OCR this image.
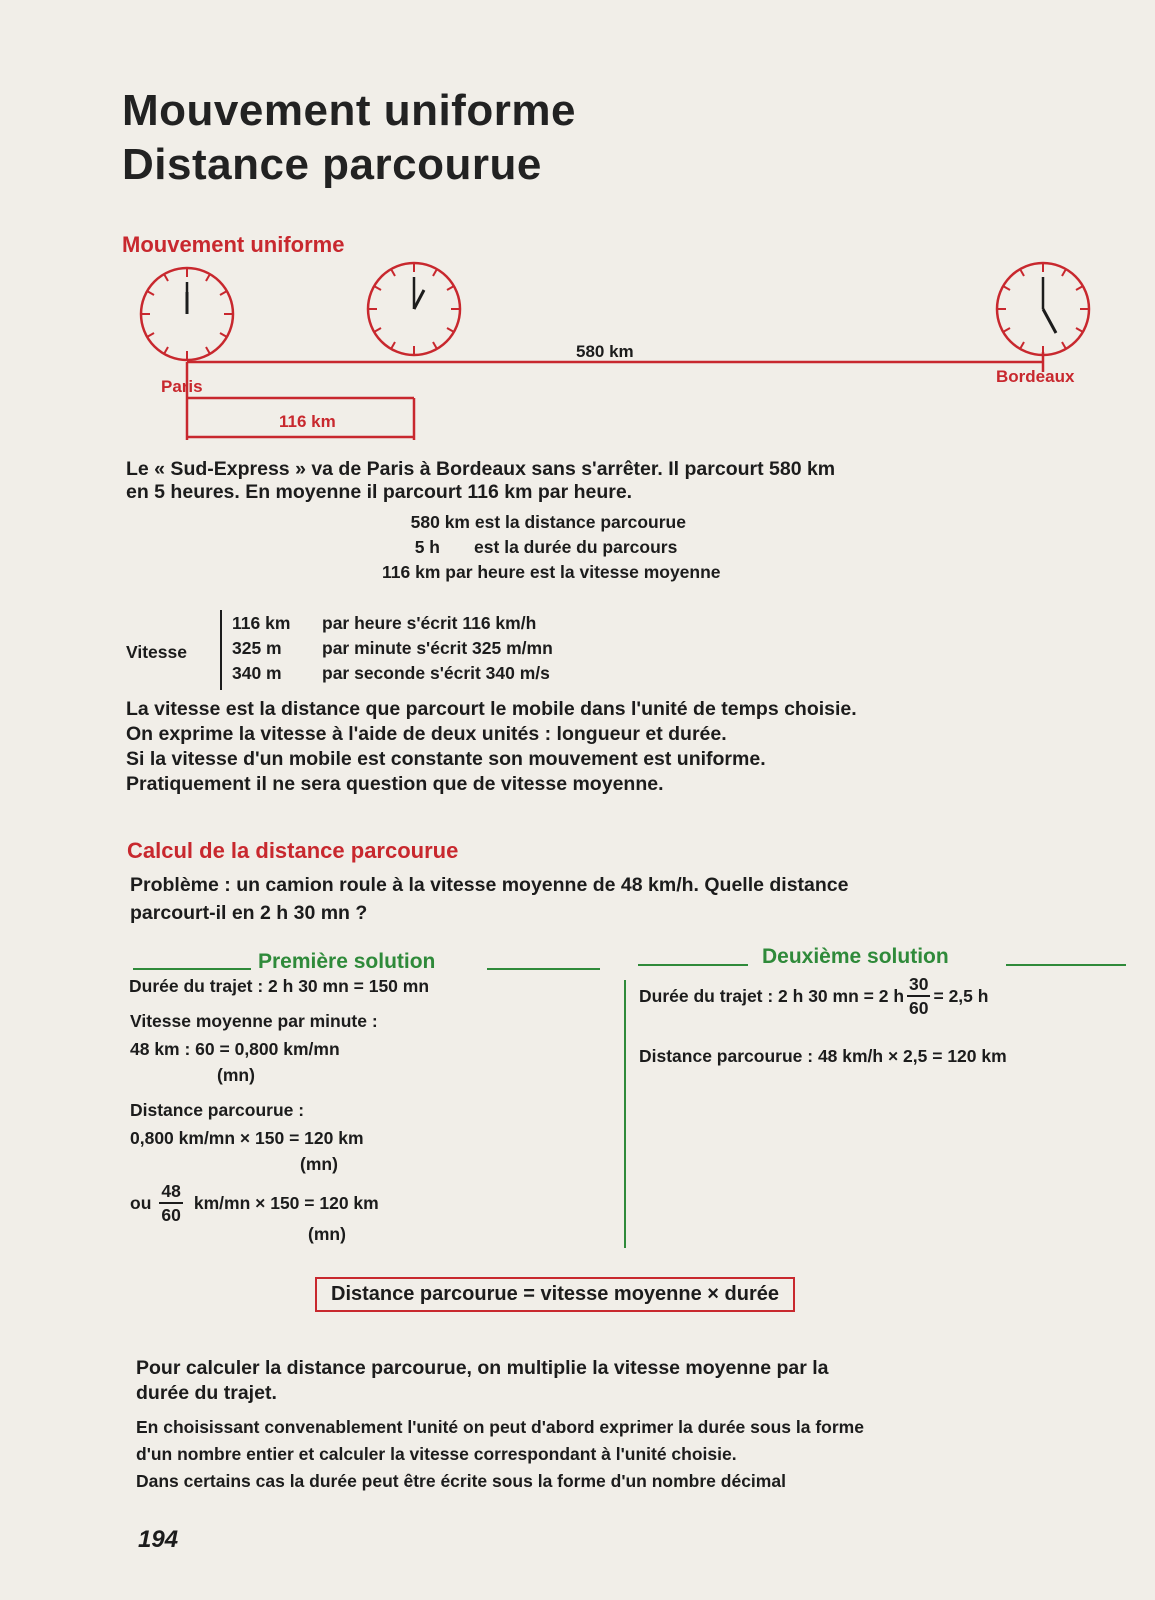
Mouvement uniforme
Distance parcourue
Mouvement uniforme
580 km
Paris
Bordeaux
116 km
Le « Sud-Express » va de Paris à Bordeaux sans s'arrêter. Il parcourt 580 km
en 5 heures. En moyenne il parcourt 116 km par heure.
580 km est la distance parcourue
5 h est la durée du parcours
116 km par heure est la vitesse moyenne
Vitesse
116 km par heure s'écrit 116 km/h
325 m par minute s'écrit 325 m/mn
340 m par seconde s'écrit 340 m/s
La vitesse est la distance que parcourt le mobile dans l'unité de temps choisie.
On exprime la vitesse à l'aide de deux unités : longueur et durée.
Si la vitesse d'un mobile est constante son mouvement est uniforme.
Pratiquement il ne sera question que de vitesse moyenne.
Calcul de la distance parcourue
Problème : un camion roule à la vitesse moyenne de 48 km/h. Quelle distance
parcourt-il en 2 h 30 mn ?
Première solution
Durée du trajet : 2 h 30 mn = 150 mn
Vitesse moyenne par minute :
48 km : 60 = 0,800 km/mn
(mn)
Distance parcourue :
0,800 km/mn × 150 = 120 km
(mn)
ou $\frac{48}{60} km/mn \times 150 = 120$ km
(mn)
Deuxième solution
Durée du trajet : 2 h 30 mn = 2 h $\frac{30}{60} = 2,5$ h
Distance parcourue : 48 km/h × 2,5 = 120 km
Distance parcourue = vitesse moyenne × durée
Pour calculer la distance parcourue, on multiplie la vitesse moyenne par la
durée du trajet.
En choisissant convenablement l'unité on peut d'abord exprimer la durée sous la forme
d'un nombre entier et calculer la vitesse correspondant à l'unité choisie.
Dans certains cas la durée peut être écrite sous la forme d'un nombre décimal
194
